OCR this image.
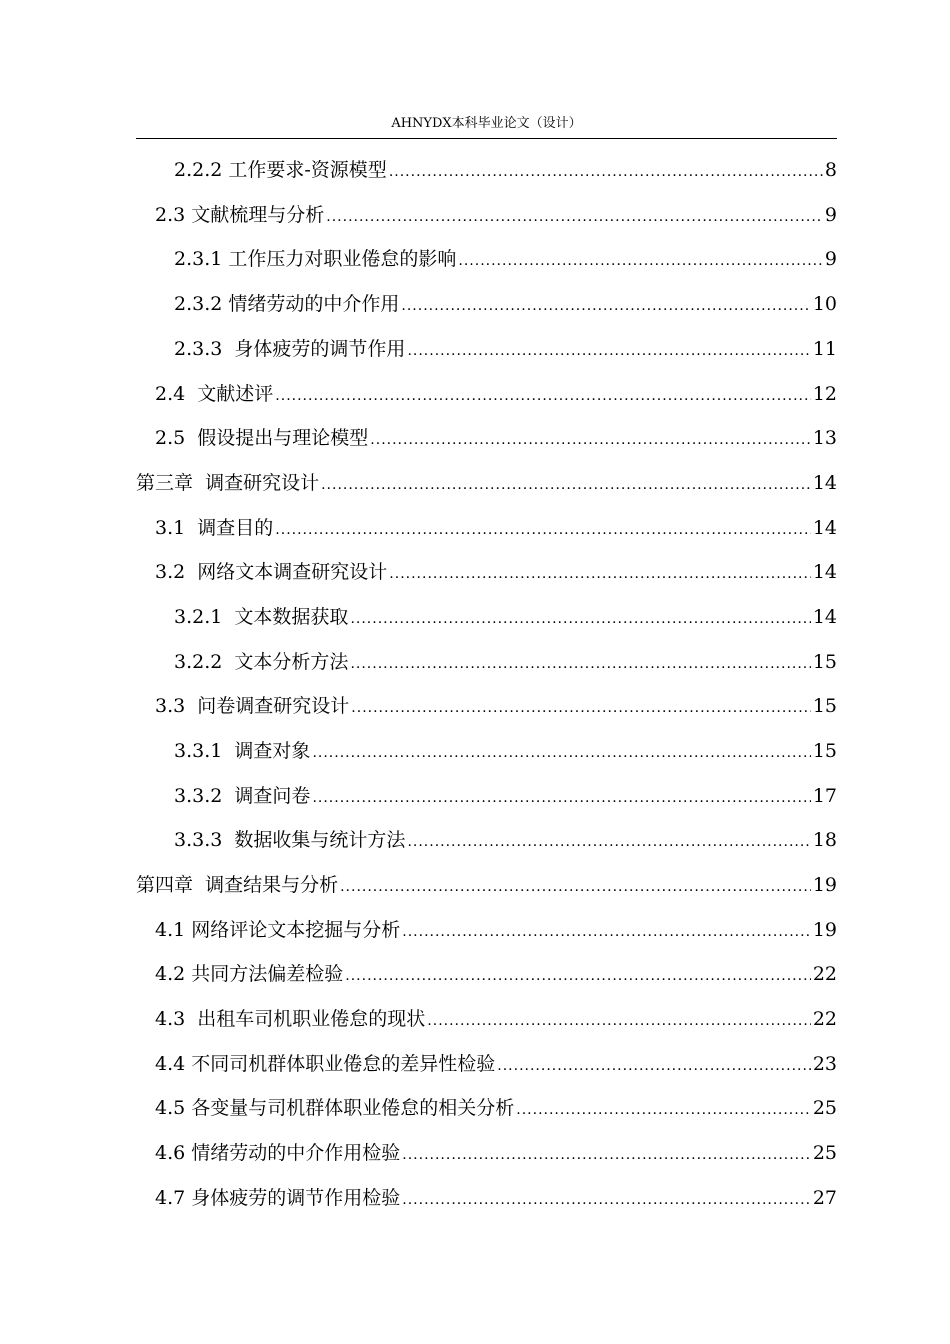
AHNYDX本科毕业论文（设计）
2.2.2 工作要求-资源模型 .....	8
2.3 文献梳理与分析 .....	9
2.3.1 工作压力对职业倦怠的影响 .....	9
2.3.2 情绪劳动的中介作用 .....	10
2.3.3  身体疲劳的调节作用 .....	11
2.4  文献述评 .....	12
2.5  假设提出与理论模型 .....	13
第三章  调查研究设计 .....	14
3.1  调查目的 .....	14
3.2  网络文本调查研究设计 .....	14
3.2.1  文本数据获取 .....	14
3.2.2  文本分析方法 .....	15
3.3  问卷调查研究设计 .....	15
3.3.1  调查对象 .....	15
3.3.2  调查问卷 .....	17
3.3.3  数据收集与统计方法 .....	18
第四章  调查结果与分析 .....	19
4.1 网络评论文本挖掘与分析 .....	19
4.2 共同方法偏差检验 .....	22
4.3  出租车司机职业倦怠的现状 .....	22
4.4 不同司机群体职业倦怠的差异性检验 .....	23
4.5 各变量与司机群体职业倦怠的相关分析 .....	25
4.6 情绪劳动的中介作用检验 .....	25
4.7 身体疲劳的调节作用检验 .....	27
